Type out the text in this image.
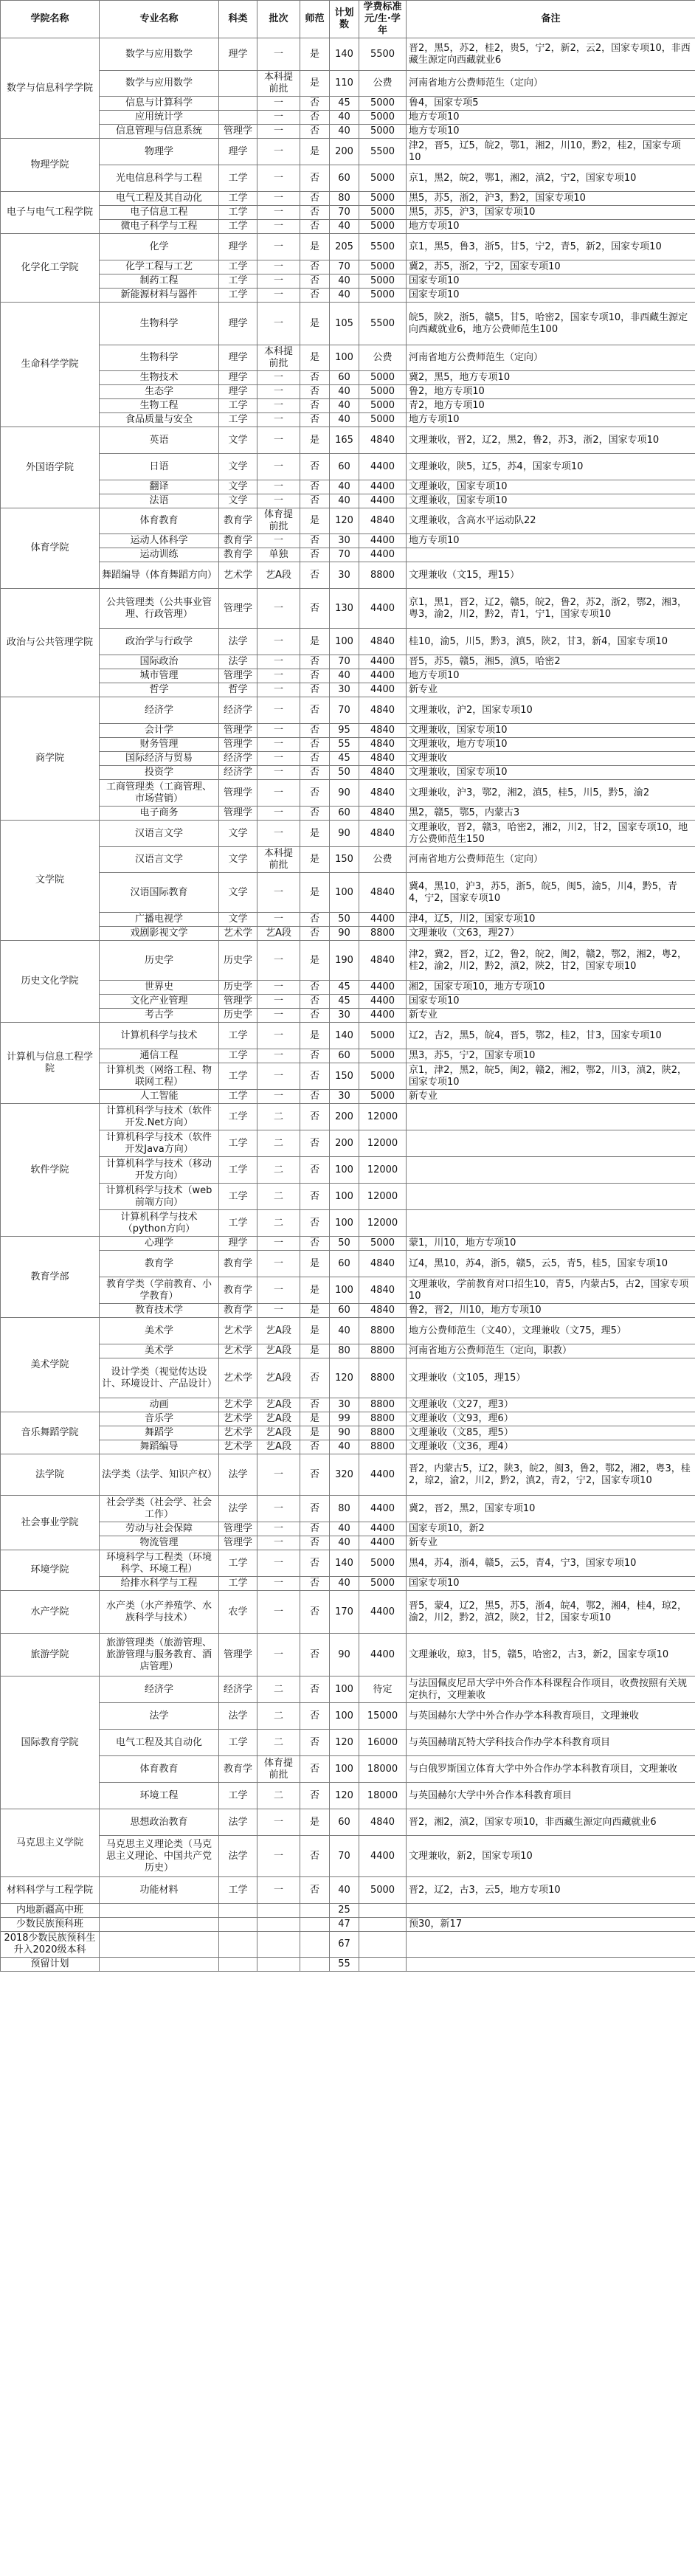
学院名称	专业名称	科类	批次	师范	计划数	学费标准元/生·学年	备注
数学与信息科学学院	数学与应用数学	理学	一	是	140	5500	晋2，黑5，苏2，桂2，贵5，宁2，新2，云2，国家专项10，非西藏生源定向西藏就业6
	数学与应用数学		本科提前批	是	110	公费	河南省地方公费师范生（定向）
	信息与计算科学		一	否	45	5000	鲁4，国家专项5
	应用统计学		一	否	40	5000	地方专项10
	信息管理与信息系统	管理学	一	否	40	5000	地方专项10
物理学院	物理学	理学	一	是	200	5500	津2，晋5，辽5，皖2，鄂1，湘2，川10，黔2，桂2，国家专项10
	光电信息科学与工程	工学	一	否	60	5000	京1，黑2，皖2，鄂1，湘2，滇2，宁2，国家专项10
电子与电气工程学院	电气工程及其自动化	工学	一	否	80	5000	黑5，苏5，浙2，沪3，黔2，国家专项10
	电子信息工程	工学	一	否	70	5000	黑5，苏5，沪3，国家专项10
	微电子科学与工程	工学	一	否	40	5000	地方专项10
化学化工学院	化学	理学	一	是	205	5500	京1，黑5，鲁3，浙5，甘5，宁2，青5，新2，国家专项10
	化学工程与工艺	工学	一	否	70	5000	冀2，苏5，浙2，宁2，国家专项10
	制药工程	工学	一	否	40	5000	国家专项10
	新能源材料与器件	工学	一	否	40	5000	国家专项10
生命科学学院	生物科学	理学	一	是	105	5500	皖5，陕2，浙5，赣5，甘5，哈密2，国家专项10，非西藏生源定向西藏就业6，地方公费师范生100
	生物科学	理学	本科提前批	是	100	公费	河南省地方公费师范生（定向）
	生物技术	理学	一	否	60	5000	冀2，黑5，地方专项10
	生态学	理学	一	否	40	5000	鲁2，地方专项10
	生物工程	工学	一	否	40	5000	青2，地方专项10
	食品质量与安全	工学	一	否	40	5000	地方专项10
外国语学院	英语	文学	一	是	165	4840	文理兼收，晋2，辽2，黑2，鲁2，苏3，浙2，国家专项10
	日语	文学	一	否	60	4400	文理兼收，陕5，辽5，苏4，国家专项10
	翻译	文学	一	否	40	4400	文理兼收，国家专项10
	法语	文学	一	否	40	4400	文理兼收，国家专项10
体育学院	体育教育	教育学	体育提前批	是	120	4840	文理兼收，含高水平运动队22
	运动人体科学	教育学	一	否	30	4400	地方专项10
	运动训练	教育学	单独	否	70	4400	
	舞蹈编导（体育舞蹈方向）	艺术学	艺A段	否	30	8800	文理兼收（文15，理15）
政治与公共管理学院	公共管理类（公共事业管理、行政管理）	管理学	一	否	130	4400	京1，黑1，晋2，辽2，赣5，皖2，鲁2，苏2，浙2，鄂2，湘3，粤3，渝2，川2，黔2，青1，宁1，国家专项10
	政治学与行政学	法学	一	是	100	4840	桂10，渝5，川5，黔3，滇5，陕2，甘3，新4，国家专项10
	国际政治	法学	一	否	70	4400	晋5，苏5，赣5，湘5，滇5，哈密2
	城市管理	管理学	一	否	40	4400	地方专项10
	哲学	哲学	一	否	30	4400	新专业
商学院	经济学	经济学	一	否	70	4840	文理兼收，沪2，国家专项10
	会计学	管理学	一	否	95	4840	文理兼收，国家专项10
	财务管理	管理学	一	否	55	4840	文理兼收，地方专项10
	国际经济与贸易	经济学	一	否	45	4840	文理兼收
	投资学	经济学	一	否	50	4840	文理兼收，国家专项10
	工商管理类（工商管理、市场营销）	管理学	一	否	90	4840	文理兼收，沪3，鄂2，湘2，滇5，桂5，川5，黔5，渝2
	电子商务	管理学	一	否	60	4840	黑2，赣5，鄂5，内蒙古3
文学院	汉语言文学	文学	一	是	90	4840	文理兼收，晋2，赣3，哈密2，湘2，川2，甘2，国家专项10，地方公费师范生150
	汉语言文学	文学	本科提前批	是	150	公费	河南省地方公费师范生（定向）
	汉语国际教育	文学	一	是	100	4840	冀4，黑10，沪3，苏5，浙5，皖5，闽5，渝5，川4，黔5，青4，宁2，国家专项10
	广播电视学	文学	一	否	50	4400	津4，辽5，川2，国家专项10
	戏剧影视文学	艺术学	艺A段	否	90	8800	文理兼收（文63，理27）
历史文化学院	历史学	历史学	一	是	190	4840	津2，冀2，晋2，辽2，鲁2，皖2，闽2，赣2，鄂2，湘2，粤2，桂2，渝2，川2，黔2，滇2，陕2，甘2，国家专项10
	世界史	历史学	一	否	45	4400	湘2，国家专项10，地方专项10
	文化产业管理	管理学	一	否	45	4400	国家专项10
	考古学	历史学	一	否	30	4400	新专业
计算机与信息工程学院	计算机科学与技术	工学	一	是	140	5000	辽2，吉2，黑5，皖4，晋5，鄂2，桂2，甘3，国家专项10
	通信工程	工学	一	否	60	5000	黑3，苏5，宁2，国家专项10
	计算机类（网络工程、物联网工程）	工学	一	否	150	5000	京1，津2，黑2，皖5，闽2，赣2，湘2，鄂2，川3，滇2，陕2，国家专项10
	人工智能	工学	一	否	30	5000	新专业
软件学院	计算机科学与技术（软件开发.Net方向）	工学	二	否	200	12000	
	计算机科学与技术（软件开发Java方向）	工学	二	否	200	12000	
	计算机科学与技术（移动开发方向）	工学	二	否	100	12000	
	计算机科学与技术（web前端方向）	工学	二	否	100	12000	
	计算机科学与技术（python方向）	工学	二	否	100	12000	
教育学部	心理学	理学	一	否	50	5000	蒙1，川10，地方专项10
	教育学	教育学	一	是	60	4840	辽4，黑10，苏4，浙5，赣5，云5，青5，桂5，国家专项10
	教育学类（学前教育、小学教育）	教育学	一	是	100	4840	文理兼收，学前教育对口招生10，青5，内蒙古5，古2，国家专项10
	教育技术学	教育学	一	是	60	4840	鲁2，晋2，川10，地方专项10
美术学院	美术学	艺术学	艺A段	是	40	8800	地方公费师范生（文40），文理兼收（文75，理5）
	美术学	艺术学	艺A段	是	80	8800	河南省地方公费师范生（定向，职教）
	设计学类（视觉传达设计、环境设计、产品设计）	艺术学	艺A段	否	120	8800	文理兼收（文105，理15）
	动画	艺术学	艺A段	否	30	8800	文理兼收（文27，理3）
音乐舞蹈学院	音乐学	艺术学	艺A段	是	99	8800	文理兼收（文93，理6）
	舞蹈学	艺术学	艺A段	是	90	8800	文理兼收（文85，理5）
	舞蹈编导	艺术学	艺A段	否	40	8800	文理兼收（文36，理4）
法学院	法学类（法学、知识产权）	法学	一	否	320	4400	晋2，内蒙古5，辽2，陕3，皖2，闽3，鲁2，鄂2，湘2，粤3，桂2，琼2，渝2，川2，黔2，滇2，青2，宁2，国家专项10
社会事业学院	社会学类（社会学、社会工作）	法学	一	否	80	4400	冀2，晋2，黑2，国家专项10
	劳动与社会保障	管理学	一	否	40	4400	国家专项10，新2
	物流管理	管理学	一	否	40	4400	新专业
环境学院	环境科学与工程类（环境科学、环境工程）	工学	一	否	140	5000	黑4，苏4，浙4，赣5，云5，青4，宁3，国家专项10
	给排水科学与工程	工学	一	否	40	5000	国家专项10
水产学院	水产类（水产养殖学、水族科学与技术）	农学	一	否	170	4400	晋5，蒙4，辽2，黑5，苏5，浙4，皖4，鄂2，湘4，桂4，琼2，渝2，川2，黔2，滇2，陕2，甘2，国家专项10
旅游学院	旅游管理类（旅游管理、旅游管理与服务教育、酒店管理）	管理学	一	否	90	4400	文理兼收，琼3，甘5，赣5，哈密2，古3，新2，国家专项10
国际教育学院	经济学	经济学	二	否	100	待定	与法国佩皮尼昂大学中外合作本科课程合作项目，收费按照有关规定执行，文理兼收
	法学	法学	二	否	100	15000	与英国赫尔大学中外合作办学本科教育项目，文理兼收
	电气工程及其自动化	工学	二	否	120	16000	与英国赫瑞瓦特大学科技合作办学本科教育项目
	体育教育	教育学	体育提前批	否	100	18000	与白俄罗斯国立体育大学中外合作办学本科教育项目，文理兼收
	环境工程	工学	二	否	120	18000	与英国赫尔大学中外合作本科教育项目
马克思主义学院	思想政治教育	法学	一	是	60	4840	晋2，湘2，滇2，国家专项10，非西藏生源定向西藏就业6
	马克思主义理论类（马克思主义理论、中国共产党历史）	法学	一	否	70	4400	文理兼收，新2，国家专项10
材料科学与工程学院	功能材料	工学	一	否	40	5000	晋2，辽2，古3，云5，地方专项10
内地新疆高中班					25		
少数民族预科班					47		预30，新17
2018少数民族预科生升入2020级本科					67		
预留计划					55		
